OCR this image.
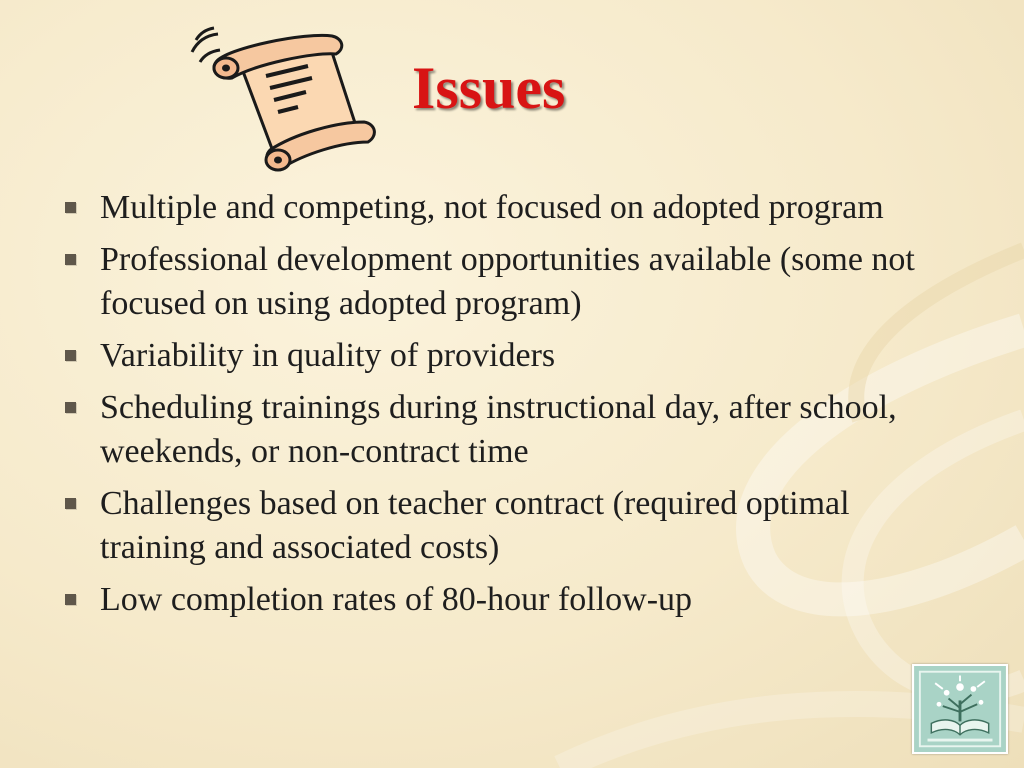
Issues
Multiple and competing, not focused on adopted program
Professional development opportunities available (some not focused on using adopted program)
Variability in quality of providers
Scheduling trainings during instructional day, after school, weekends, or non-contract time
Challenges based on teacher contract (required optimal training and associated costs)
Low completion rates of 80-hour follow-up
